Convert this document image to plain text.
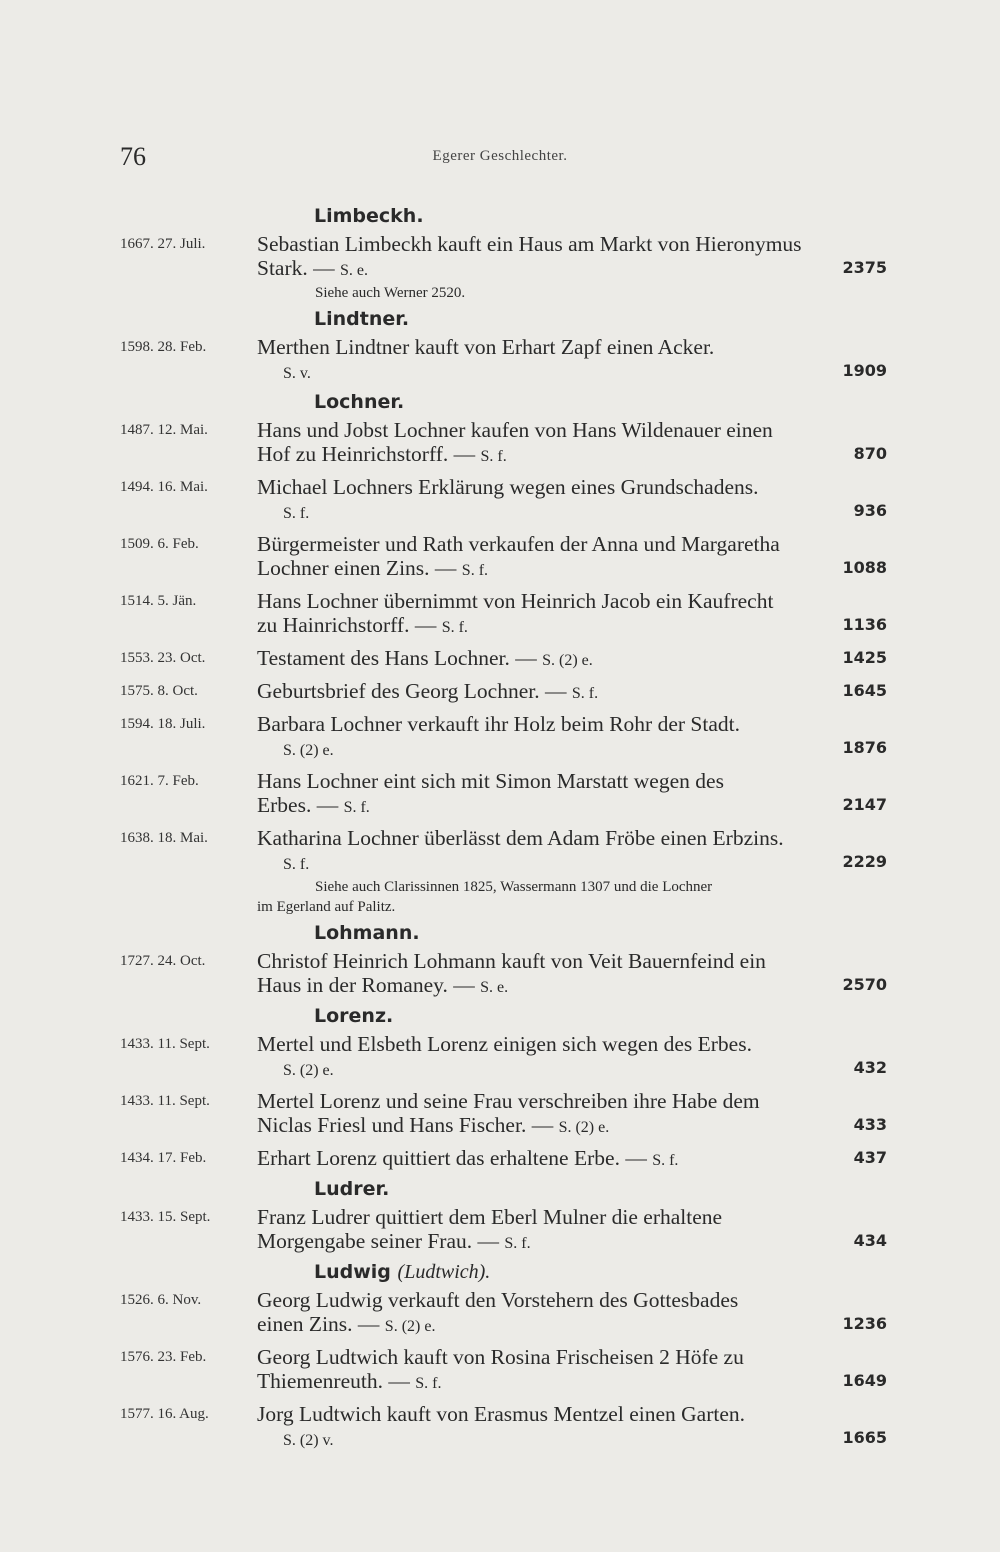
76	Egerer Geschlechter.
Limbeckh.
1667. 27. Juli.	Sebastian Limbeckh kauft ein Haus am Markt von Hieronymus
Stark. — S. e.	2375
Siehe auch Werner 2520.
Lindtner.
1598. 28. Feb.	Merthen Lindtner kauft von Erhart Zapf einen Acker.
S. v.	1909
Lochner.
1487. 12. Mai.	Hans und Jobst Lochner kaufen von Hans Wildenauer einen
Hof zu Heinrichstorff. — S. f.	870
1494. 16. Mai.	Michael Lochners Erklärung wegen eines Grundschadens.
S. f.	936
1509. 6. Feb.	Bürgermeister und Rath verkaufen der Anna und Margaretha
Lochner einen Zins. — S. f.	1088
1514. 5. Jän.	Hans Lochner übernimmt von Heinrich Jacob ein Kaufrecht
zu Hainrichstorff. — S. f.	1136
1553. 23. Oct.	Testament des Hans Lochner. — S. (2) e.	1425
1575. 8. Oct.	Geburtsbrief des Georg Lochner. — S. f.	1645
1594. 18. Juli.	Barbara Lochner verkauft ihr Holz beim Rohr der Stadt.
S. (2) e.	1876
1621. 7. Feb.	Hans Lochner eint sich mit Simon Marstatt wegen des
Erbes. — S. f.	2147
1638. 18. Mai.	Katharina Lochner überlässt dem Adam Fröbe einen Erbzins.
S. f.	2229
Siehe auch Clarissinnen 1825, Wassermann 1307 und die Lochner
im Egerland auf Palitz.
Lohmann.
1727. 24. Oct.	Christof Heinrich Lohmann kauft von Veit Bauernfeind ein
Haus in der Romaney. — S. e.	2570
Lorenz.
1433. 11. Sept.	Mertel und Elsbeth Lorenz einigen sich wegen des Erbes.
S. (2) e.	432
1433. 11. Sept.	Mertel Lorenz und seine Frau verschreiben ihre Habe dem
Niclas Friesl und Hans Fischer. — S. (2) e.	433
1434. 17. Feb.	Erhart Lorenz quittiert das erhaltene Erbe. — S. f.	437
Ludrer.
1433. 15. Sept.	Franz Ludrer quittiert dem Eberl Mulner die erhaltene
Morgengabe seiner Frau. — S. f.	434
Ludwig (Ludtwich).
1526. 6. Nov.	Georg Ludwig verkauft den Vorstehern des Gottesbades
einen Zins. — S. (2) e.	1236
1576. 23. Feb.	Georg Ludtwich kauft von Rosina Frischeisen 2 Höfe zu
Thiemenreuth. — S. f.	1649
1577. 16. Aug.	Jorg Ludtwich kauft von Erasmus Mentzel einen Garten.
S. (2) v.	1665
